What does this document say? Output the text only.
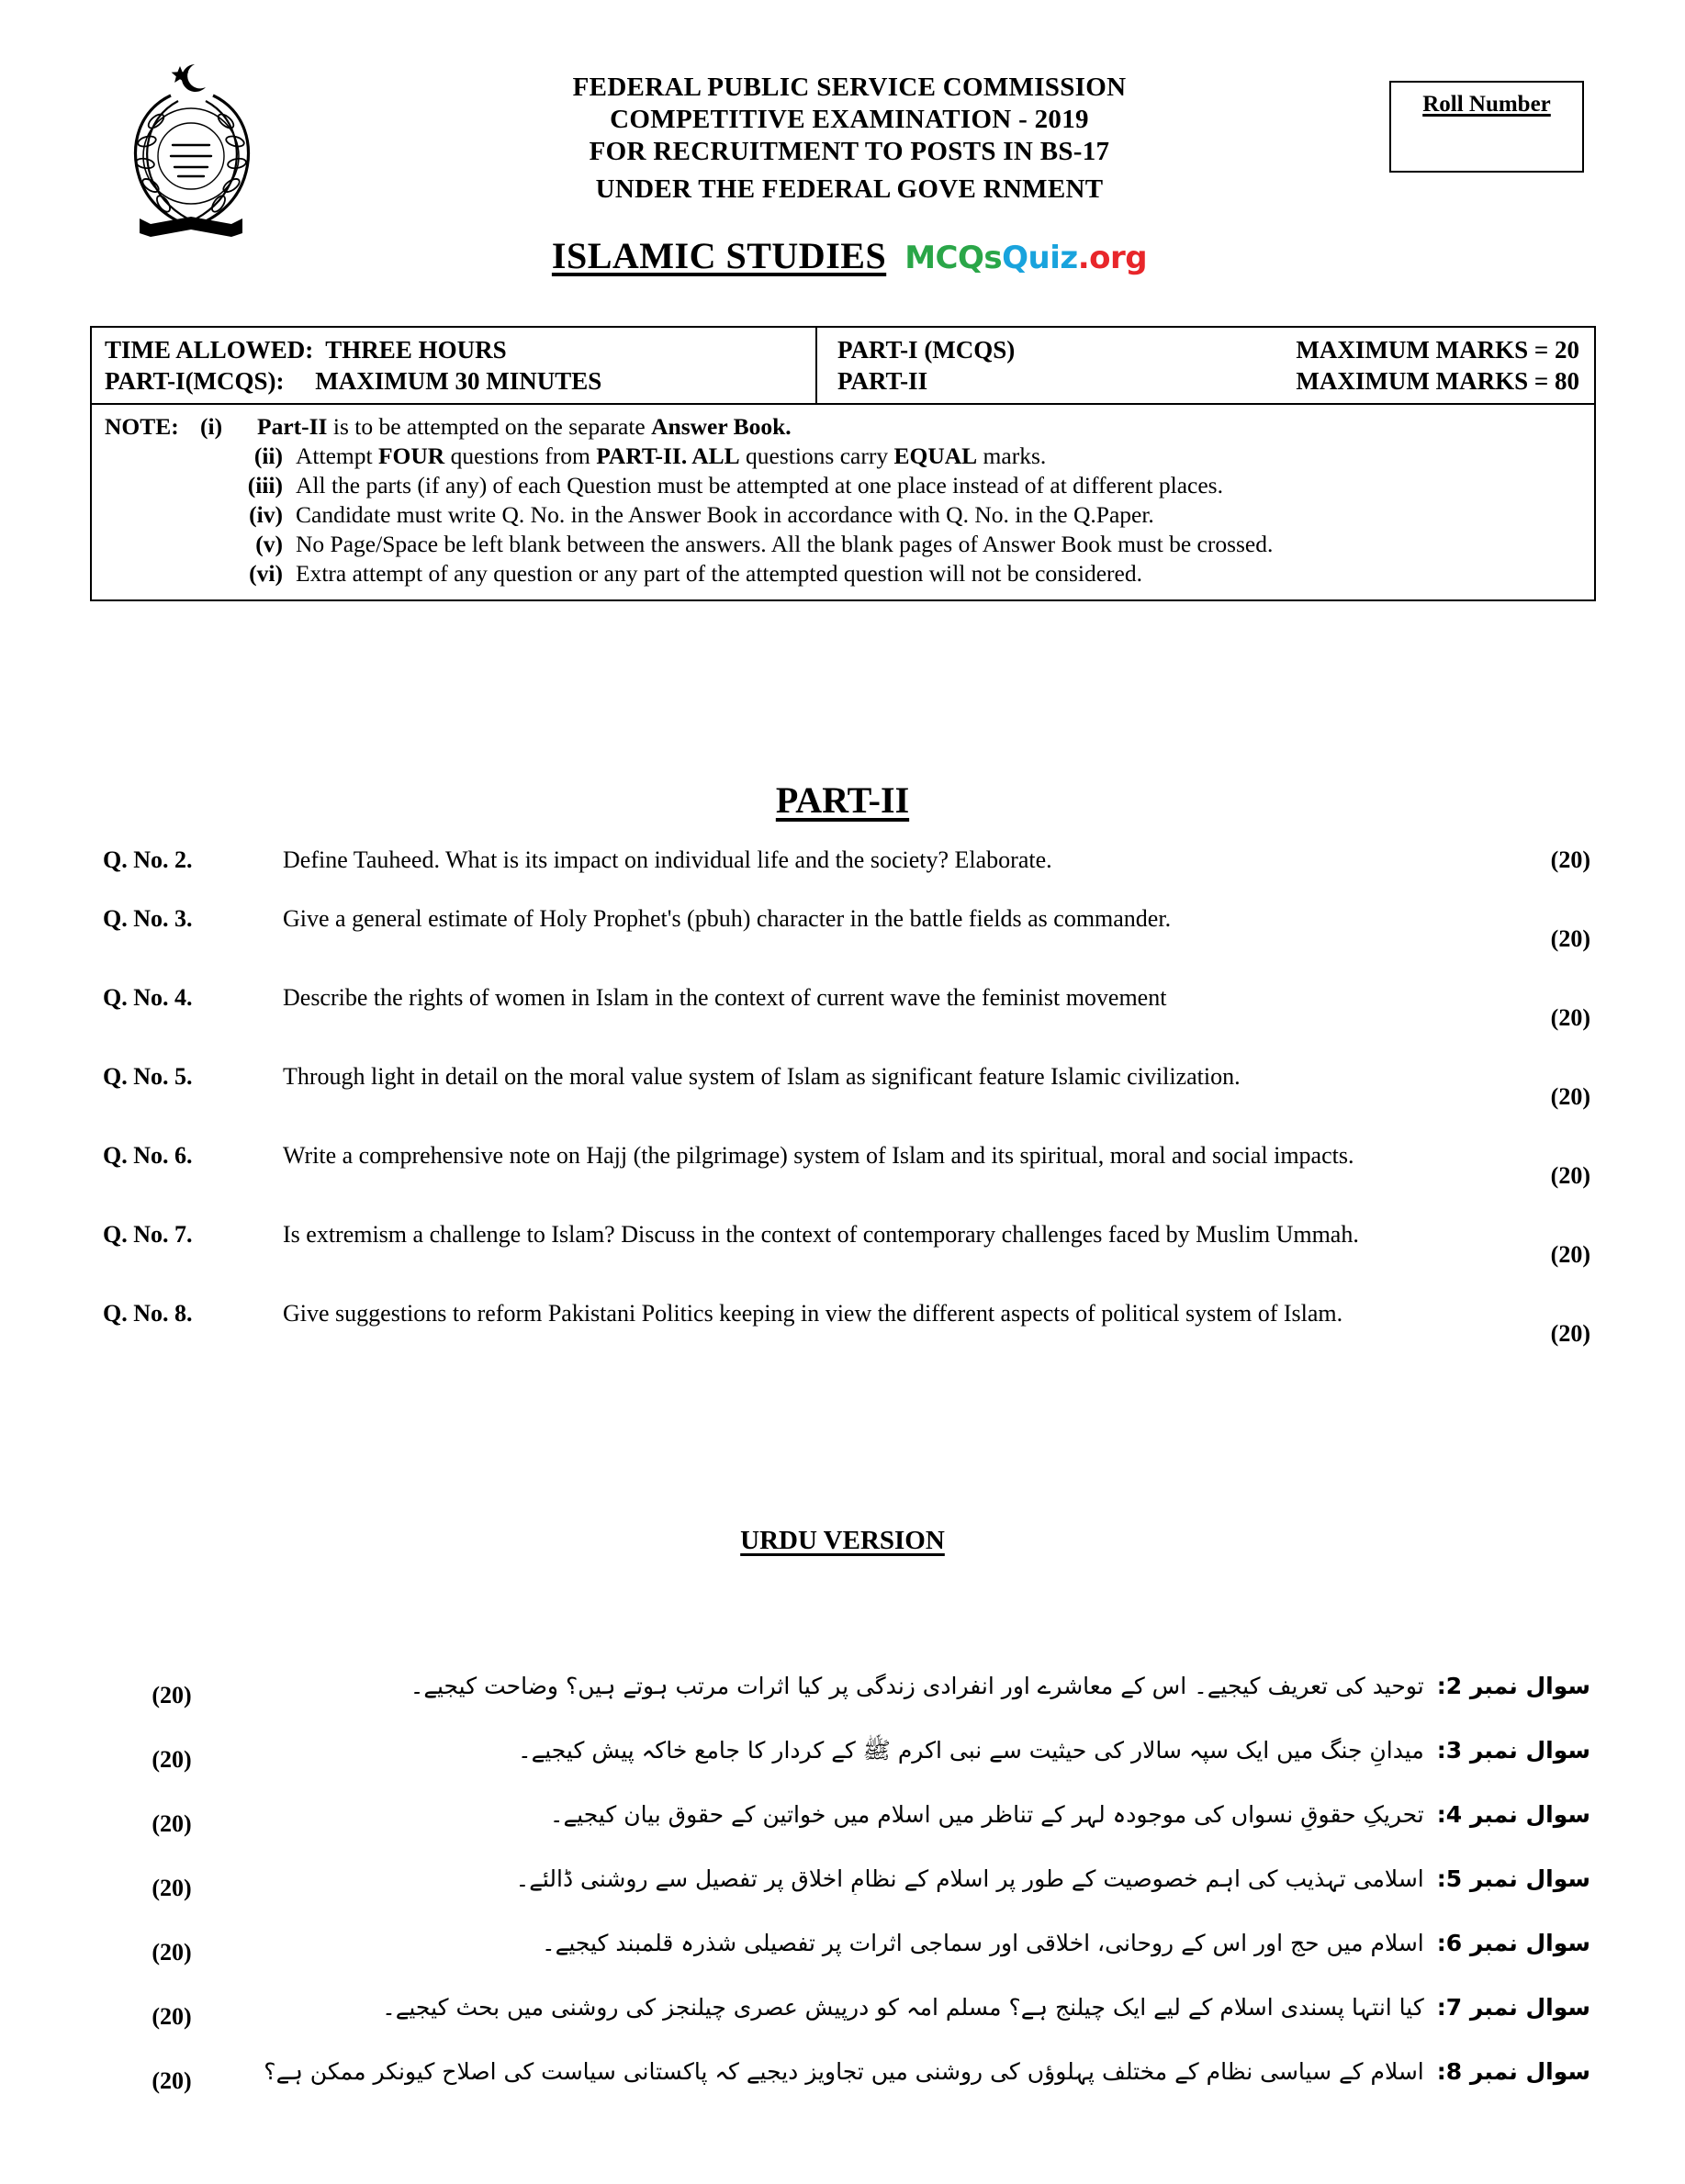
FEDERAL PUBLIC SERVICE COMMISSION
COMPETITIVE EXAMINATION - 2019
FOR RECRUITMENT TO POSTS IN BS-17
UNDER THE FEDERAL GOVE RNMENT
ISLAMIC STUDIES MCQsQuiz.org
Roll Number
TIME ALLOWED:  THREE HOURS
PART-I(MCQS):     MAXIMUM 30 MINUTES
PART-I (MCQS)	MAXIMUM MARKS = 20
PART-II	MAXIMUM MARKS = 80
NOTE: (i)	Part-II is to be attempted on the separate Answer Book.
(ii) Attempt FOUR questions from PART-II. ALL questions carry EQUAL marks.
(iii) All the parts (if any) of each Question must be attempted at one place instead of at different places.
(iv) Candidate must write Q. No. in the Answer Book in accordance with Q. No. in the Q.Paper.
(v) No Page/Space be left blank between the answers. All the blank pages of Answer Book must be crossed.
(vi) Extra attempt of any question or any part of the attempted question will not be considered.
PART-II
Q. No. 2.	Define Tauheed. What is its impact on individual life and the society? Elaborate.	(20)
Q. No. 3.	Give a general estimate of Holy Prophet's (pbuh) character in the battle fields as commander.
(20)
Q. No. 4.	Describe the rights of women in Islam in the context of current wave the feminist movement
(20)
Q. No. 5.	Through light in detail on the moral value system of Islam as significant feature Islamic civilization.
(20)
Q. No. 6.	Write a comprehensive note on Hajj (the pilgrimage) system of Islam and its spiritual, moral and social impacts.
(20)
Q. No. 7.	Is extremism a challenge to Islam? Discuss in the context of contemporary challenges faced by Muslim Ummah.
(20)
Q. No. 8.	Give suggestions to reform Pakistani Politics keeping in view the different aspects of political system of Islam.
(20)
URDU VERSION
(20)	سوال نمبر 2:توحید کی تعریف کیجیے۔ اس کے معاشرے اور انفرادی زندگی پر کیا اثرات مرتب ہوتے ہیں؟ وضاحت کیجیے۔
(20)	سوال نمبر 3:میدانِ جنگ میں ایک سپہ سالار کی حیثیت سے نبی اکرم ﷺ کے کردار کا جامع خاکہ پیش کیجیے۔
(20)	سوال نمبر 4:تحریکِ حقوقِ نسواں کی موجودہ لہر کے تناظر میں اسلام میں خواتین کے حقوق بیان کیجیے۔
(20)	سوال نمبر 5:اسلامی تہذیب کی اہم خصوصیت کے طور پر اسلام کے نظامِ اخلاق پر تفصیل سے روشنی ڈالئے۔
(20)	سوال نمبر 6:اسلام میں حج اور اس کے روحانی، اخلاقی اور سماجی اثرات پر تفصیلی شذرہ قلمبند کیجیے۔
(20)	سوال نمبر 7:کیا انتہا پسندی اسلام کے لیے ایک چیلنج ہے؟ مسلم امہ کو درپیش عصری چیلنجز کی روشنی میں بحث کیجیے۔
(20)	سوال نمبر 8:اسلام کے سیاسی نظام کے مختلف پہلوؤں کی روشنی میں تجاویز دیجیے کہ پاکستانی سیاست کی اصلاح کیونکر ممکن ہے؟
